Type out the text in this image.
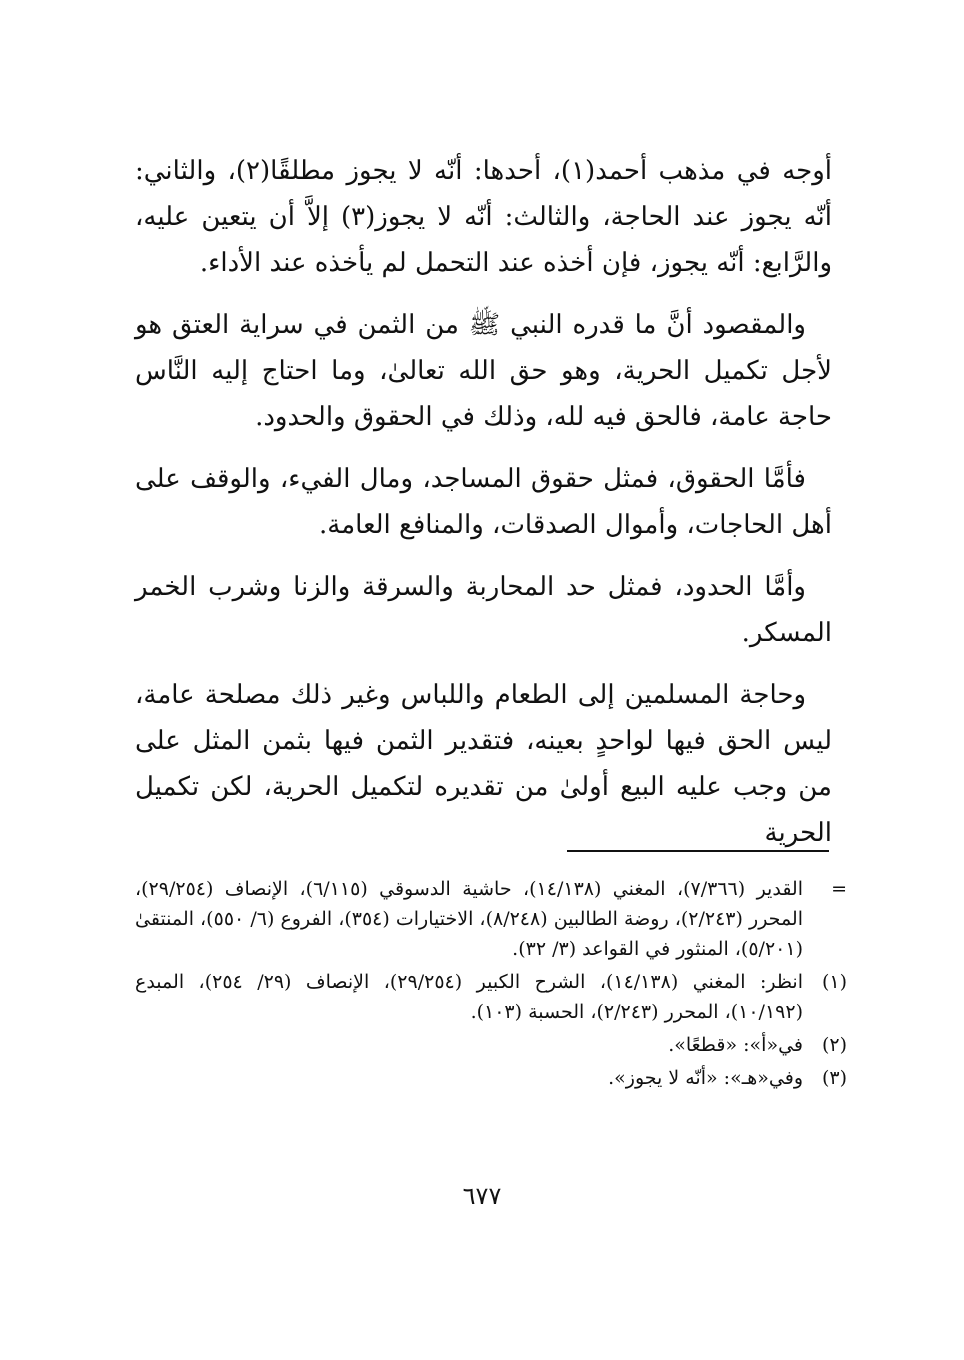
أوجه في مذهب أحمد(١)، أحدها: أنّه لا يجوز مطلقًا(٢)، والثاني: أنّه يجوز عند الحاجة، والثالث: أنّه لا يجوز(٣) إلاَّ أن يتعين عليه، والرَّابع: أنّه يجوز، فإن أخذه عند التحمل لم يأخذه عند الأداء.

والمقصود أنَّ ما قدره النبي ﷺ من الثمن في سراية العتق هو لأجل تكميل الحرية، وهو حق الله تعالىٰ، وما احتاج إليه النَّاس حاجة عامة، فالحق فيه لله، وذلك في الحقوق والحدود.

فأمَّا الحقوق، فمثل حقوق المساجد، ومال الفيء، والوقف على أهل الحاجات، وأموال الصدقات، والمنافع العامة.

وأمَّا الحدود، فمثل حد المحاربة والسرقة والزنا وشرب الخمر المسكر.

وحاجة المسلمين إلى الطعام واللباس وغير ذلك مصلحة عامة، ليس الحق فيها لواحدٍ بعينه، فتقدير الثمن فيها بثمن المثل على من وجب عليه البيع أولىٰ من تقديره لتكميل الحرية، لكن تكميل الحرية

=
القدير (٧/٣٦٦)، المغني (١٤/١٣٨)، حاشية الدسوقي (٦/١١٥)، الإنصاف (٢٩/٢٥٤)، المحرر (٢/٢٤٣)، روضة الطالبين (٨/٢٤٨)، الاختيارات (٣٥٤)، الفروع (٦/ ٥٥٠)، المنتقىٰ (٥/٢٠١)، المنثور في القواعد (٣/ ٣٢).
(١)
انظر: المغني (١٤/١٣٨)، الشرح الكبير (٢٩/٢٥٤)، الإنصاف (٢٩/ ٢٥٤)، المبدع (١٠/١٩٢)، المحرر (٢/٢٤٣)، الحسبة (١٠٣).
(٢)
في«أ»: «قطعًا».
(٣)
وفي«هـ»: «أنّه لا يجوز».
٦٧٧
